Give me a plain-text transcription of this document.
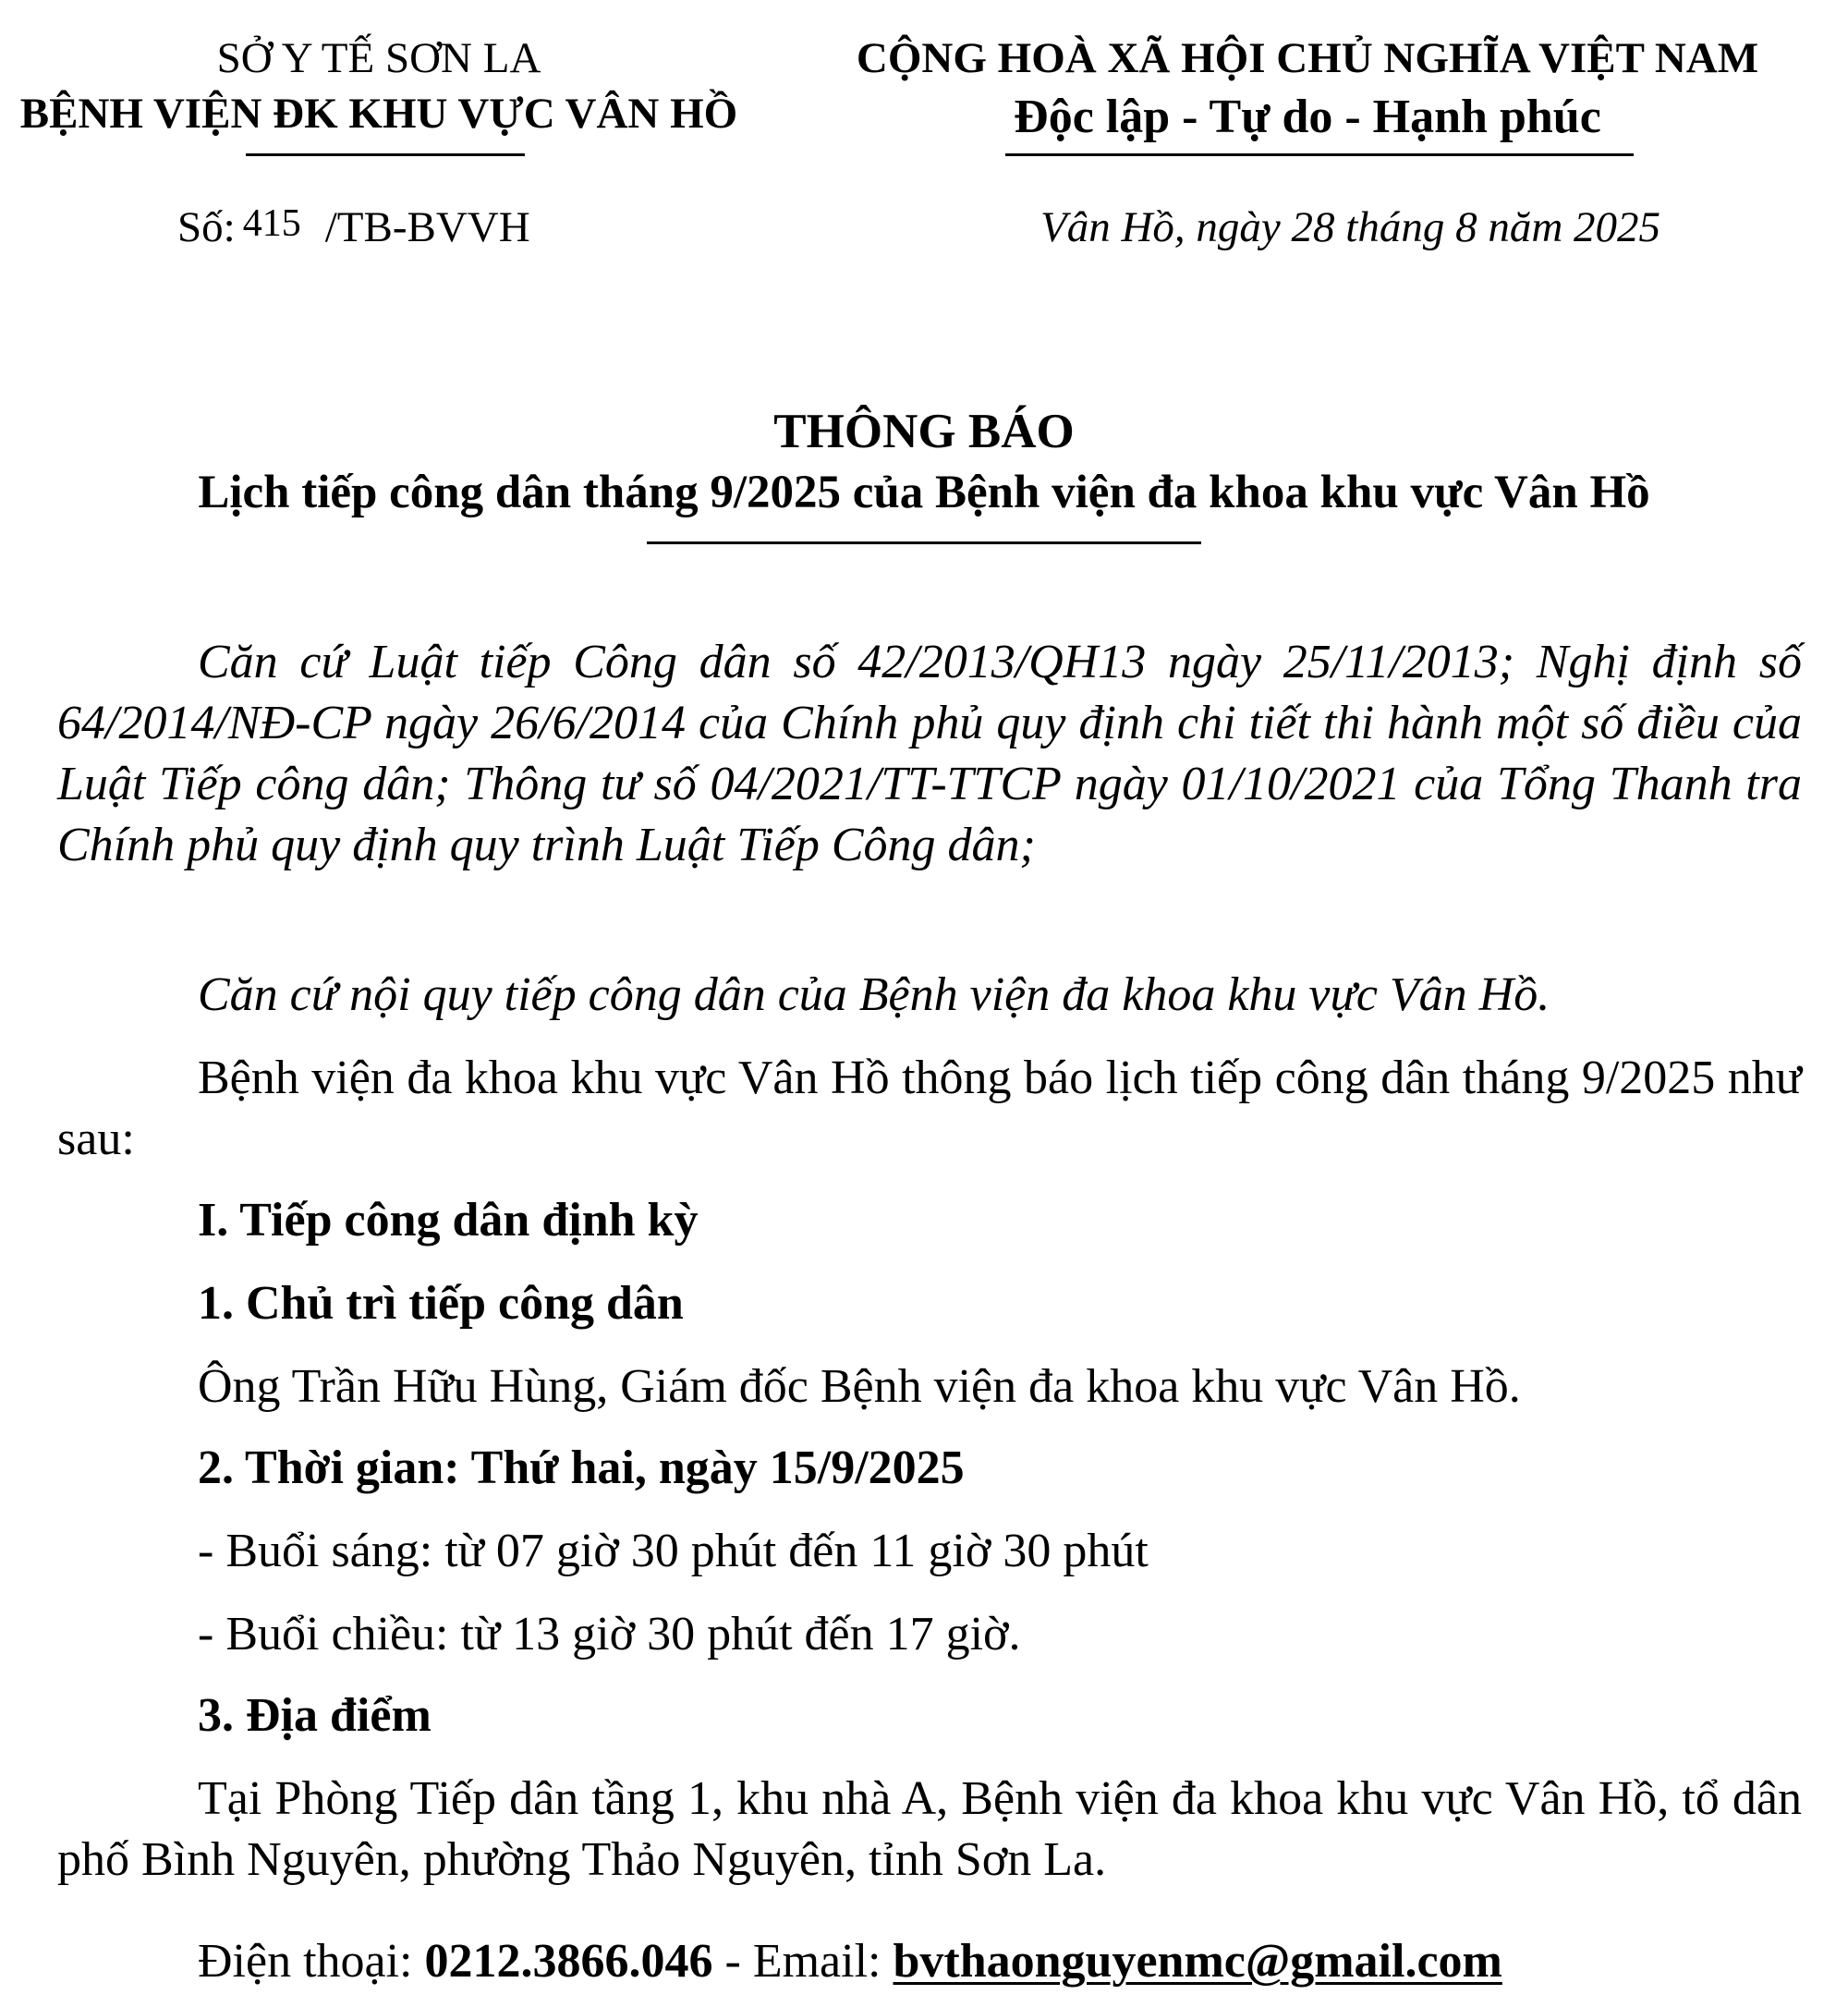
SỞ Y TẾ SƠN LA
BỆNH VIỆN ĐK KHU VỰC VÂN HỒ
CỘNG HOÀ XÃ HỘI CHỦ NGHĨA VIỆT NAM
Độc lập - Tự do - Hạnh phúc
Số: 415 /TB-BVVH	Vân Hồ, ngày 28 tháng 8 năm 2025
THÔNG BÁO
Lịch tiếp công dân tháng 9/2025 của Bệnh viện đa khoa khu vực Vân Hồ
Căn cứ Luật tiếp Công dân số 42/2013/QH13 ngày 25/11/2013; Nghị định số 64/2014/NĐ-CP ngày 26/6/2014 của Chính phủ quy định chi tiết thi hành một số điều của Luật Tiếp công dân; Thông tư số 04/2021/TT-TTCP ngày 01/10/2021 của Tổng Thanh tra Chính phủ quy định quy trình Luật Tiếp Công dân;
Căn cứ nội quy tiếp công dân của Bệnh viện đa khoa khu vực Vân Hồ.
Bệnh viện đa khoa khu vực Vân Hồ thông báo lịch tiếp công dân tháng 9/2025 như sau:
I. Tiếp công dân định kỳ
1. Chủ trì tiếp công dân
Ông Trần Hữu Hùng, Giám đốc Bệnh viện đa khoa khu vực Vân Hồ.
2. Thời gian: Thứ hai, ngày 15/9/2025
- Buổi sáng: từ 07 giờ 30 phút đến 11 giờ 30 phút
- Buổi chiều: từ 13 giờ 30 phút đến 17 giờ.
3. Địa điểm
Tại Phòng Tiếp dân tầng 1, khu nhà A, Bệnh viện đa khoa khu vực Vân Hồ, tổ dân phố Bình Nguyên, phường Thảo Nguyên, tỉnh Sơn La.
Điện thoại: 0212.3866.046 - Email: bvthaonguyenmc@gmail.com
